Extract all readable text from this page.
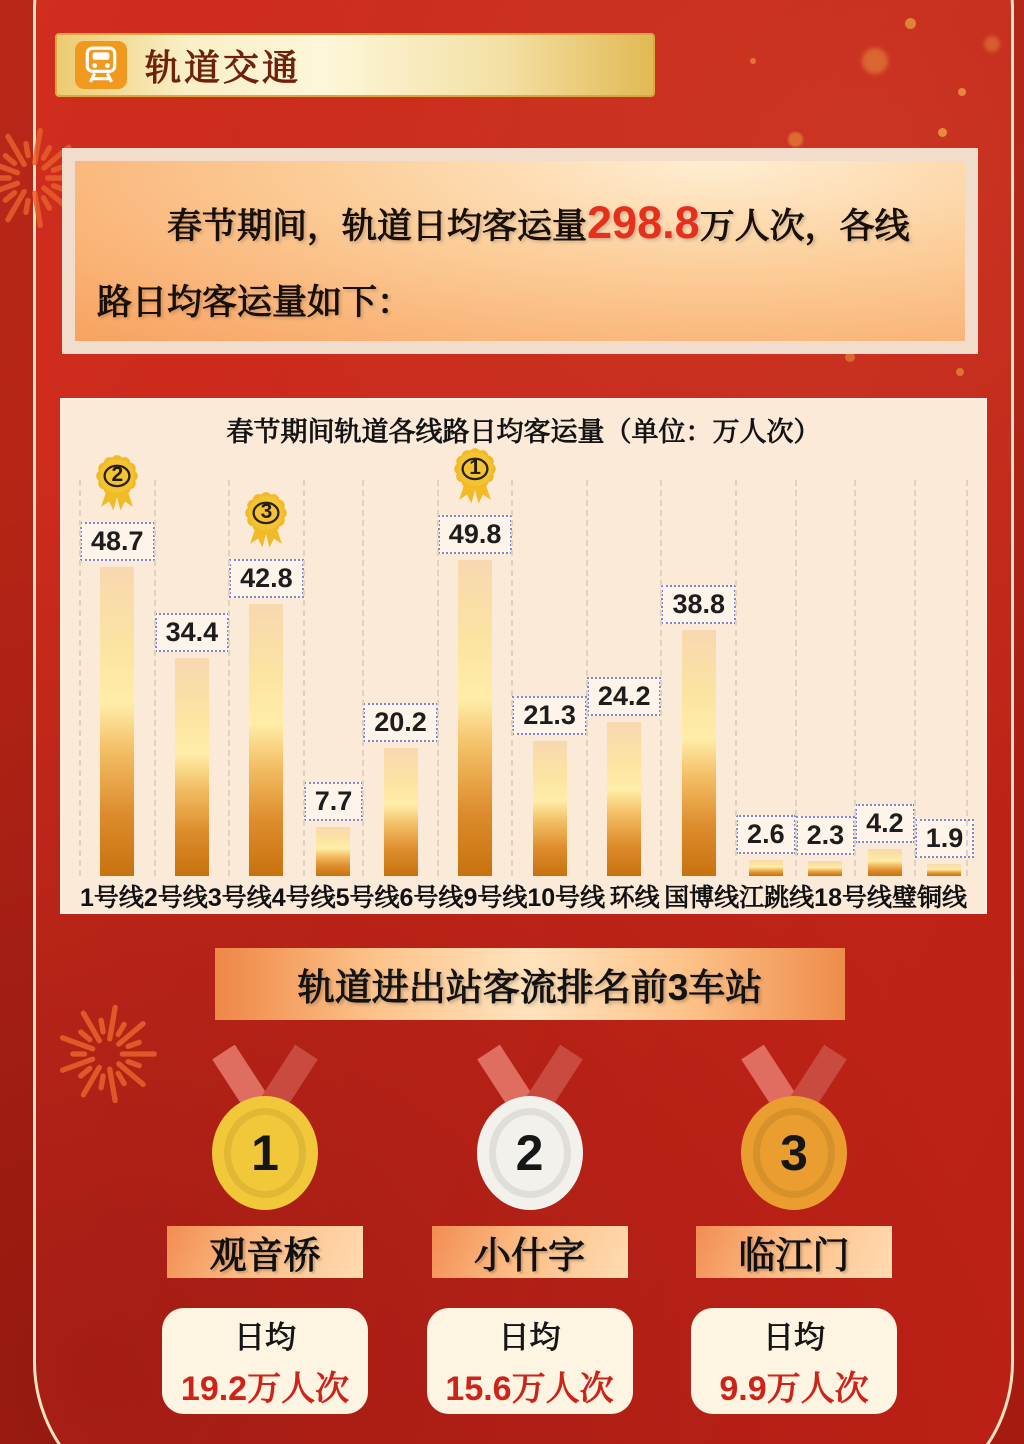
轨道交通

春节期间，轨道日均客运量298.8万人次，各线路日均客运量如下：

春节期间轨道各线路日均客运量（单位：万人次）

2
48.7
34.4
3
42.8
7.7
20.2
1
49.8
21.3
24.2
38.8
2.6 2.3 4.2 1.9
1号线 2号线 3号线 4号线 5号线 6号线 9号线 10号线 环线 国博线 江跳线 18号线 璧铜线
轨道进出站客流排名前3车站
1
观音桥
日均
19.2万人次
2
小什字
日均
15.6万人次
3
临江门
日均
9.9万人次
